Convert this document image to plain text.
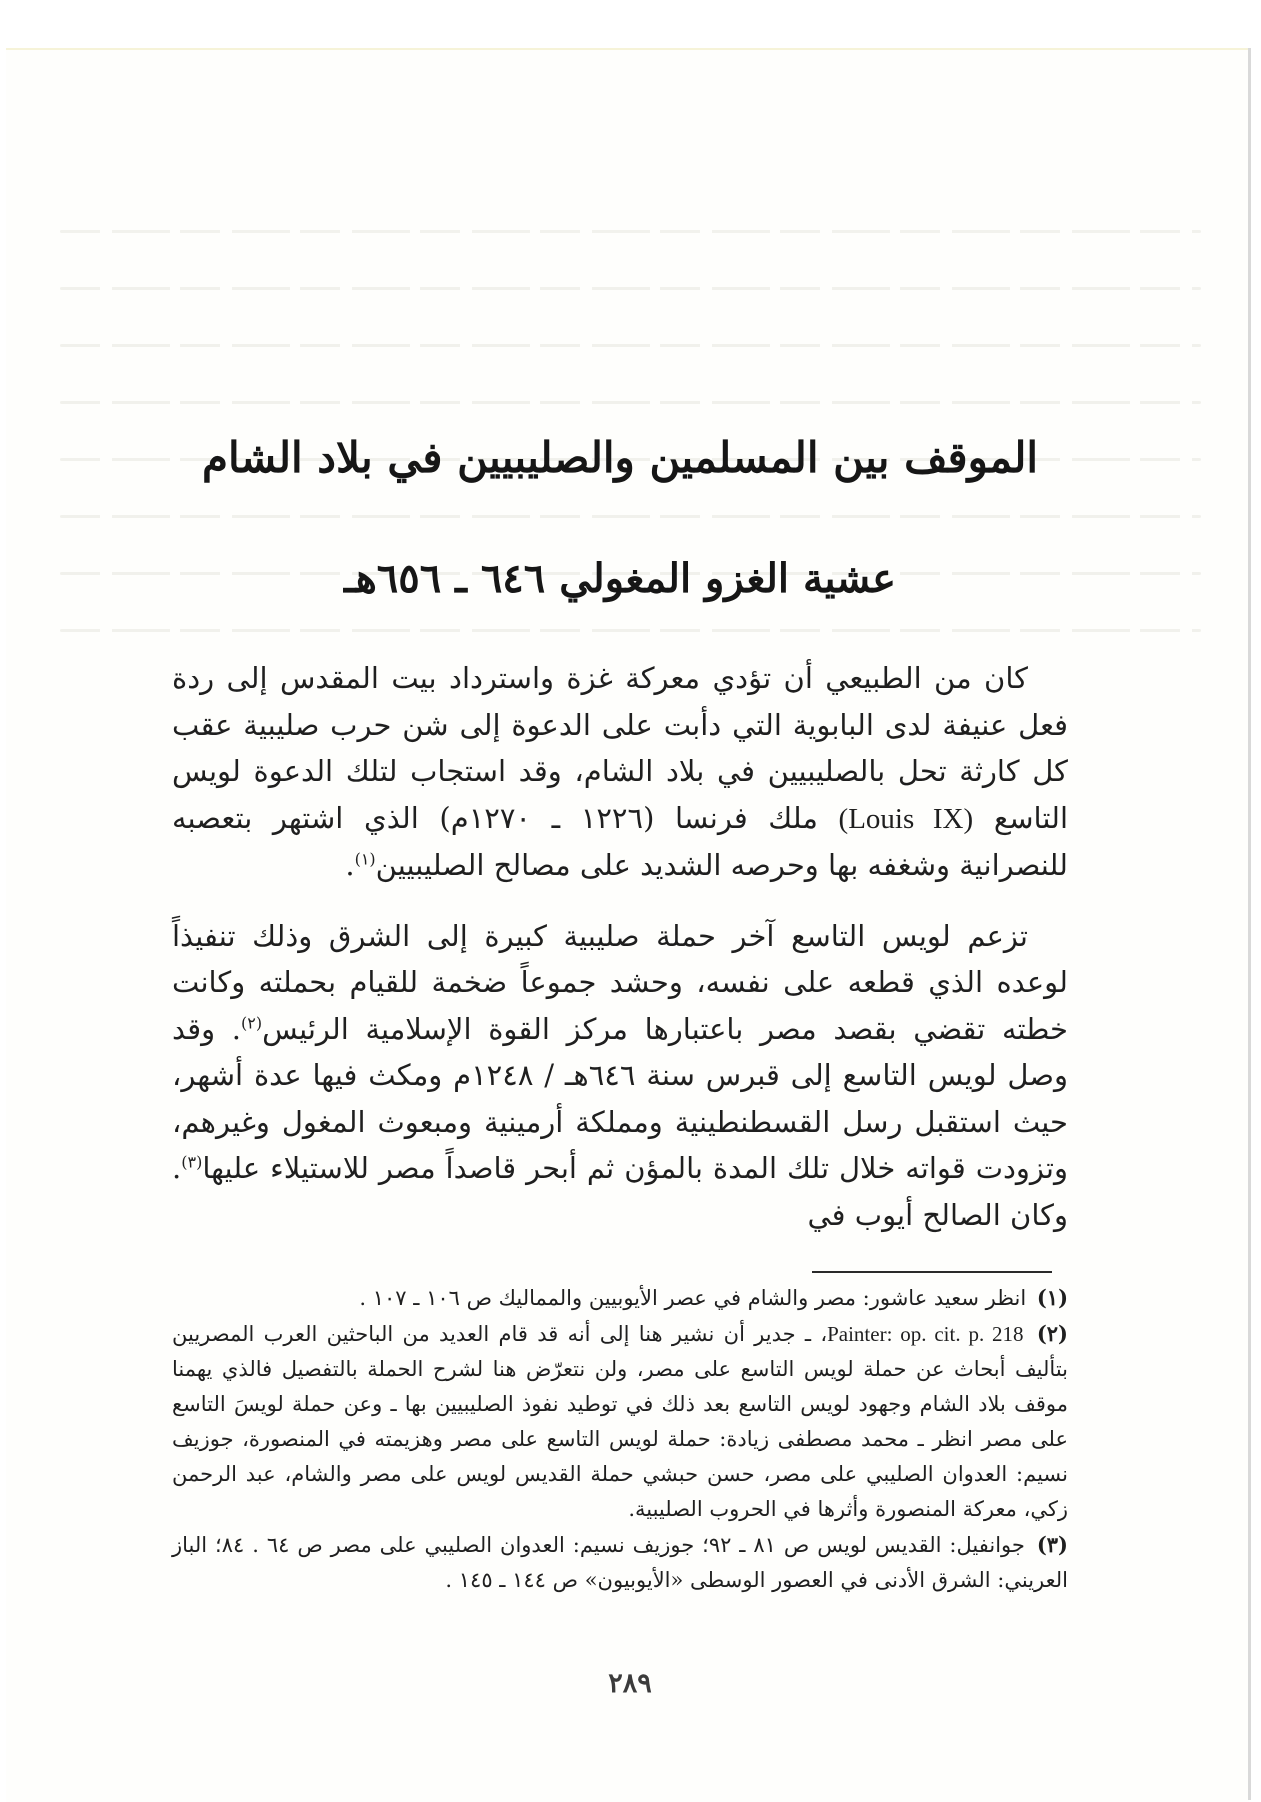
الموقف بين المسلمين والصليبيين في بلاد الشام
عشية الغزو المغولي ٦٤٦ ـ ٦٥٦هـ

كان من الطبيعي أن تؤدي معركة غزة واسترداد بيت المقدس إلى ردة فعل عنيفة لدى البابوية التي دأبت على الدعوة إلى شن حرب صليبية عقب كل كارثة تحل بالصليبيين في بلاد الشام، وقد استجاب لتلك الدعوة لويس التاسع (Louis IX) ملك فرنسا (١٢٢٦ ـ ١٢٧٠م) الذي اشتهر بتعصبه للنصرانية وشغفه بها وحرصه الشديد على مصالح الصليبيين$^{(١)}$.

تزعم لويس التاسع آخر حملة صليبية كبيرة إلى الشرق وذلك تنفيذاً لوعده الذي قطعه على نفسه، وحشد جموعاً ضخمة للقيام بحملته وكانت خطته تقضي بقصد مصر باعتبارها مركز القوة الإسلامية الرئيس$^{(٢)}$. وقد وصل لويس التاسع إلى قبرس سنة ٦٤٦هـ / ١٢٤٨م ومكث فيها عدة أشهر، حيث استقبل رسل القسطنطينية ومملكة أرمينية ومبعوث المغول وغيرهم، وتزودت قواته خلال تلك المدة بالمؤن ثم أبحر قاصداً مصر للاستيلاء عليها$^{(٣)}$. وكان الصالح أيوب في

(١) انظر سعيد عاشور: مصر والشام في عصر الأيوبيين والمماليك ص ١٠٦ ـ ١٠٧ .

(٢) Painter: op. cit. p. 218، ـ جدير أن نشير هنا إلى أنه قد قام العديد من الباحثين العرب المصريين بتأليف أبحاث عن حملة لويس التاسع على مصر، ولن نتعرّض هنا لشرح الحملة بالتفصيل فالذي يهمنا موقف بلاد الشام وجهود لويس التاسع بعد ذلك في توطيد نفوذ الصليبيين بها ـ وعن حملة لويسَ التاسع على مصر انظر ـ محمد مصطفى زيادة: حملة لويس التاسع على مصر وهزيمته في المنصورة، جوزيف نسيم: العدوان الصليبي على مصر، حسن حبشي حملة القديس لويس على مصر والشام، عبد الرحمن زكي، معركة المنصورة وأثرها في الحروب الصليبية.

(٣) جوانفيل: القديس لويس ص ٨١ ـ ٩٢؛ جوزيف نسيم: العدوان الصليبي على مصر ص ٦٤ . ٨٤؛ الباز العريني: الشرق الأدنى في العصور الوسطى «الأيوبيون» ص ١٤٤ ـ ١٤٥ .

٢٨٩
